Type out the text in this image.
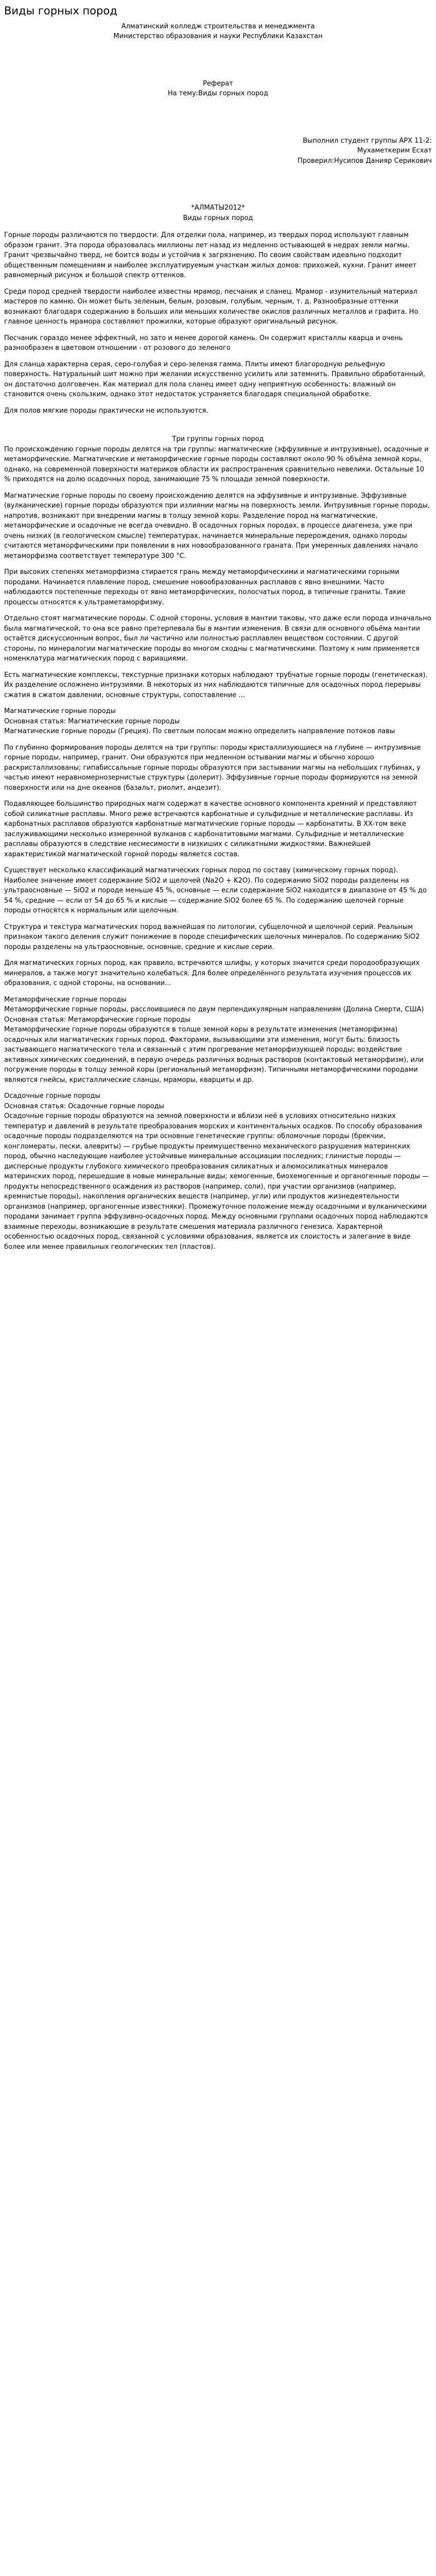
Виды горных пород
Алматинский колледж строительства и менеджмента
Министерство образования и науки Республики Казахстан
Реферат
На тему:Виды горных пород
Выполнил студент группы АРХ 11-2:
Мухаметкерим Есхат
Проверил:Нусипов Данияр Серикович
*АЛМАТЫ2012*
Виды горных пород

Горные породы различаются по твердости. Для отделки пола, например, из твердых пород используют главным образом гранит. Эта порода образовалась миллионы лет назад из медленно остывающей в недрах земли магмы. Гранит чрезвычайно тверд, не боится воды и устойчив к загрязнению. По своим свойствам идеально подходит общественным помещениям и наиболее эксплуатируемым участкам жилых домов: прихожей, кухни. Гранит имеет равномерный рисунок и большой спектр оттенков.

Среди пород средней твердости наиболее известны мрамор, песчаник и сланец. Мрамор - изумительный материал мастеров по камню. Он может быть зеленым, белым, розовым, голубым, черным, т. д. Разнообразные оттенки возникают благодаря содержанию в больших или меньших количестве окислов различных металлов и графита. Но главное ценность мрамора составляют прожилки, которые образуют оригинальный рисунок.

Песчаник гораздо менее эффектный, но зато и менее дорогой камень. Он содержит кристаллы кварца и очень разнообразен в цветовом отношении - от розового до зеленого

Для сланца характерна серая, серо-голубая и серо-зеленая гамма. Плиты имеют благородную рельефную поверхность. Натуральный шит можно при желании искусственно усилить или затемнить. Правильно обработанный, он достаточно долговечен. Как материал для пола сланец имеет одну неприятную особенность: влажный он становится очень скользким, однако этот недостаток устраняется благодаря специальной обработке.

Для полов мягкие породы практически не используются.

Три группы горных пород

По происхождению горные породы делятся на три группы: магматические (эффузивные и интрузивные), осадочные и метаморфические. Магматические и метаморфические горные породы составляют около 90 % объёма земной коры, однако, на современной поверхности материков области их распространения сравнительно невелики. Остальные 10 % приходятся на долю осадочных пород, занимающие 75 % площади земной поверхности.

Магматические горные породы по своему происхождению делятся на эффузивные и интрузивные. Эффузивные (вулканические) горные породы образуются при излиянии магмы на поверхность земли. Интрузивные горные породы, напротив, возникают при внедрении магмы в толщу земной коры. Разделение пород на магматические, метаморфические и осадочные не всегда очевидно. В осадочных горных породах, в процессе диагенеза, уже при очень низких (в геологическом смысле) температурах, начинается минеральные перерождения, однако породы считаются метаморфическими при появлении в них новообразованного граната. При умеренных давлениях начало метаморфизма соответствует температуре 300 °C.

При высоких степенях метаморфизма стирается грань между метаморфическими и магматическими горными породами. Начинается плавление пород, смешение новообразованных расплавов с явно внешними. Часто наблюдаются постепенные переходы от явно метаморфических, полосчатых пород, в типичные граниты. Такие процессы относятся к ультраметаморфизму.

Отдельно стоят магматические породы. С одной стороны, условия в мантии таковы, что даже если порода изначально была магматической, то она все равно претерпевала бы в мантии изменения. В связи для основного обьёма мантии остаётся дискуссионным вопрос, был ли частично или полностью расплавлен веществом состоянии. С другой стороны, по минералогии магматические породы во многом сходны с магматическими. Поэтому к ним применяется номенклатура магматических пород с вариациями.

Есть магматические комплексы, текстурные признаки которых наблюдают трубчатые горные породы (генетическая). Их разделение осложнено интрузиями. В некоторых из них наблюдаются типичные для осадочных пород перерывы сжатия в сжатом давлении, основные структуры, сопоставление ...

Магматические горные породы
Основная статья: Магматические горные породы

Магматические горные породы (Греция). По светлым полосам можно определить направление потоков лавы

По глубинно формирования породы делятся на три группы: породы кристаллизующиеся на глубине — интрузивные горные породы, например, гранит. Они образуются при медленном остывании магмы и обычно хорошо раскристаллизованы; гипабиссальные горные породы образуются при застывании магмы на небольших глубинах, у частью имеют неравномернозернистые структуры (долерит). Эффузивные горные породы формируются на земной поверхности или на дне океанов (базальт, риолит, андезит).

Подавляющее большинство природных магм содержат в качестве основного компонента кремний и представляют собой силикатные расплавы. Много реже встречаются карбонатные и сульфидные и металлические расплавы. Из карбонатных расплавов образуются карбонатные магматические горные породы — карбонатиты. В XX-том веке заслуживающими несколько измеренной вулканов с карбонатитовыми магмами. Сульфидные и металлические расплавы образуются в следствие несмесимости в низкиших с силикатными жидкостями. Важнейшей характеристикой магматической горной породы является состав.

Существует несколько классификаций магматических горных пород по составу (химическому горных пород). Наиболее значение имеет содержание SiO2 и щелочей (Na2O + K2O). По содержанию SiO2 породы разделены на ультраосновные — SiO2 и породе меньше 45 %, основные — если содержание SiO2 находится в диапазоне от 45 % до 54 %, средние — если от 54 до 65 % и кислые — содержание SiO2 более 65 %. По содержанию щелочей горные породы относятся к нормальным или щелочным.

Структура и текстура магматических пород важнейшая по литологии, субщелочной и щелочной серий. Реальным признаком такого деления служит понижение в породе специфических щелочных минералов. По содержанию SiO2 породы разделены на ультраосновные, основные, средние и кислые серии.

Для магматических горных пород, как правило, встречаются шлифы, у которых значится среди породообразующих минералов, а также могут значительно колебаться. Для более определённого результата изучения процессов их образования, с одной стороны, на основании...

Метаморфические горные породы
Метаморфические горные породы, расслоившиеся по двум перпендикулярным направлениям (Долина Смерти, США)
Основная статья: Метаморфические горные породы

Метаморфические горные породы образуются в толще земной коры в результате изменения (метаморфизма) осадочных или магматических горных пород. Факторами, вызывающими эти изменения, могут быть: близость застывающего магматического тела и связанный с этим прогревание метаморфизующей породы; воздействие активных химических соединений, в первую очередь различных водных растворов (контактовый метаморфизм), или погружение породы в толщу земной коры (региональный метаморфизм). Типичными метаморфическими породами являются гнейсы, кристаллические сланцы, мраморы, кварциты и др.

Осадочные горные породы
Основная статья: Осадочные горные породы

Осадочные горные породы образуются на земной поверхности и вблизи неё в условиях относительно низких температур и давлений в результате преобразования морских и континентальных осадков. По способу образования осадочные породы подразделяются на три основные генетические группы: обломочные породы (брекчии, конгломераты, пески, алевриты) — грубые продукты преимущественно механического разрушения материнских пород, обычно наследующие наиболее устойчивые минеральные ассоциации последних; глинистые породы — дисперсные продукты глубокого химического преобразования силикатных и алюмосиликатных минералов материнских пород, перешедшие в новые минеральные виды; хемогенные, биохемогенные и органогенные породы — продукты непосредственного осаждения из растворов (например, соли), при участии организмов (например, кремнистые породы), накопления органических веществ (например, угли) или продуктов жизнедеятельности организмов (например, органогенные известняки). Промежуточное положение между осадочными и вулканическими породами занимает группа эффузивно-осадочных пород. Между основными группами осадочных пород наблюдаются взаимные переходы, возникающие в результате смешения материала различного генезиса. Характерной особенностью осадочных пород, связанной с условиями образования, является их слоистость и залегание в виде более или менее правильных геологических тел (пластов).
